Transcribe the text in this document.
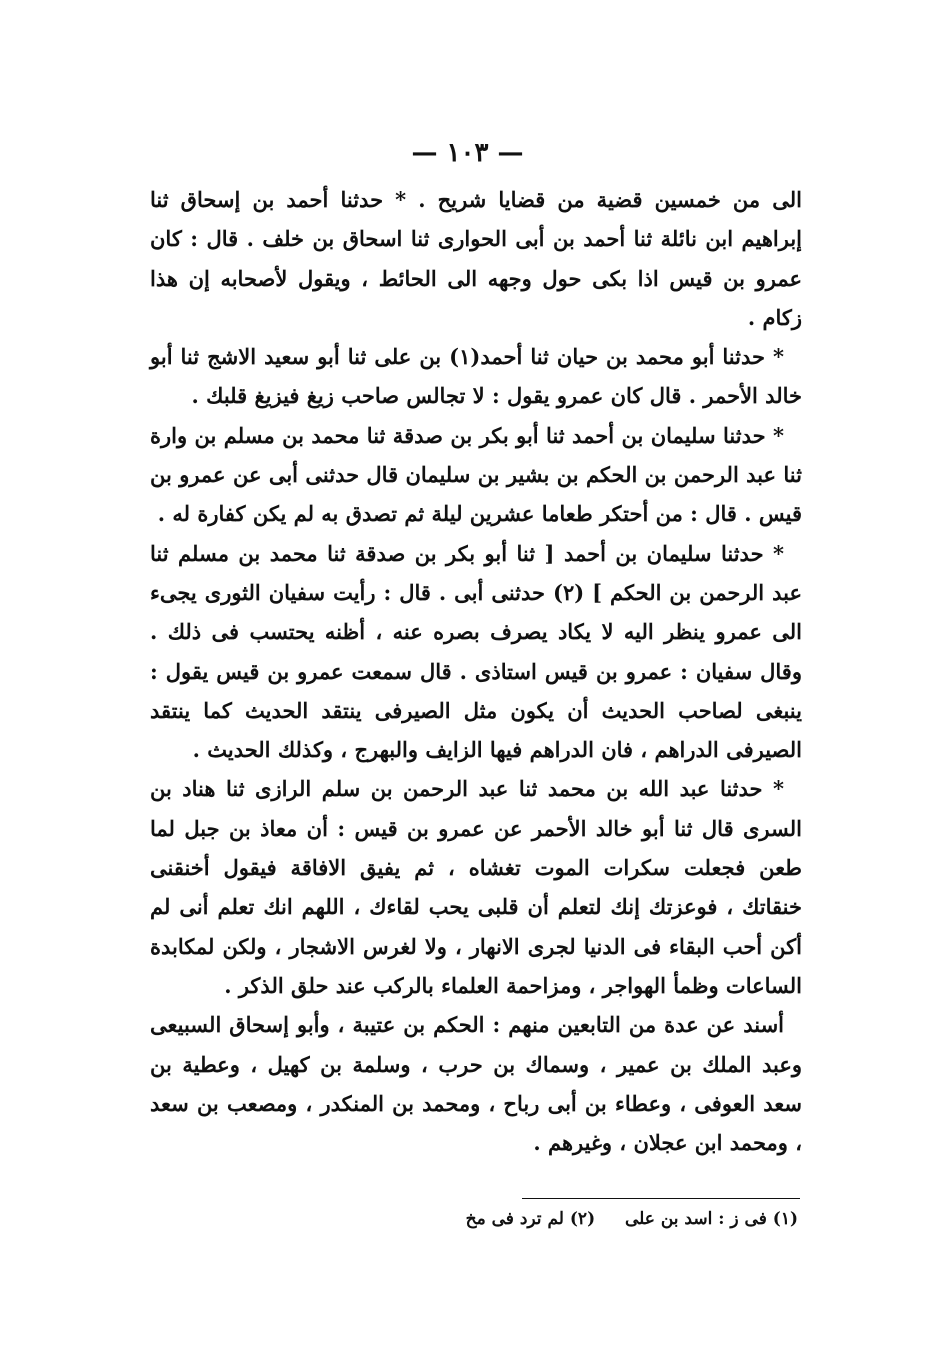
— ١٠٣ —

الى من خمسين قضية من قضايا شريح . * حدثنا أحمد بن إسحاق ثنا إبراهيم ابن نائلة ثنا أحمد بن أبى الحوارى ثنا اسحاق بن خلف . قال : كان عمرو بن قيس اذا بكى حول وجهه الى الحائط ، ويقول لأصحابه إن هذا زكام .

* حدثنا أبو محمد بن حيان ثنا أحمد(١) بن على ثنا أبو سعيد الاشج ثنا أبو خالد الأحمر . قال كان عمرو يقول : لا تجالس صاحب زيغ فيزيغ قلبك .

* حدثنا سليمان بن أحمد ثنا أبو بكر بن صدقة ثنا محمد بن مسلم بن وارة ثنا عبد الرحمن بن الحكم بن بشير بن سليمان قال حدثنى أبى عن عمرو بن قيس . قال : من أحتكر طعاما عشرين ليلة ثم تصدق به لم يكن كفارة له .

* حدثنا سليمان بن أحمد [ ثنا أبو بكر بن صدقة ثنا محمد بن مسلم ثنا عبد الرحمن بن الحكم ] (٢) حدثنى أبى . قال : رأيت سفيان الثورى يجىء الى عمرو ينظر اليه لا يكاد يصرف بصره عنه ، أظنه يحتسب فى ذلك . وقال سفيان : عمرو بن قيس استاذى . قال سمعت عمرو بن قيس يقول : ينبغى لصاحب الحديث أن يكون مثل الصيرفى ينتقد الحديث كما ينتقد الصيرفى الدراهم ، فان الدراهم فيها الزايف والبهرج ، وكذلك الحديث .

* حدثنا عبد الله بن محمد ثنا عبد الرحمن بن سلم الرازى ثنا هناد بن السرى قال ثنا أبو خالد الأحمر عن عمرو بن قيس : أن معاذ بن جبل لما طعن فجعلت سكرات الموت تغشاه ، ثم يفيق الافاقة فيقول أخنقنى خنقاتك ، فوعزتك إنك لتعلم أن قلبى يحب لقاءك ، اللهم انك تعلم أنى لم أكن أحب البقاء فى الدنيا لجرى الانهار ، ولا لغرس الاشجار ، ولكن لمكابدة الساعات وظمأ الهواجر ، ومزاحمة العلماء بالركب عند حلق الذكر .

أسند عن عدة من التابعين منهم : الحكم بن عتيبة ، وأبو إسحاق السبيعى وعبد الملك بن عمير ، وسماك بن حرب ، وسلمة بن كهيل ، وعطية بن سعد العوفى ، وعطاء بن أبى رباح ، ومحمد بن المنكدر ، ومصعب بن سعد ، ومحمد ابن عجلان ، وغيرهم .

(١) فى ز : اسد بن على  (٢) لم ترد فى مخ
